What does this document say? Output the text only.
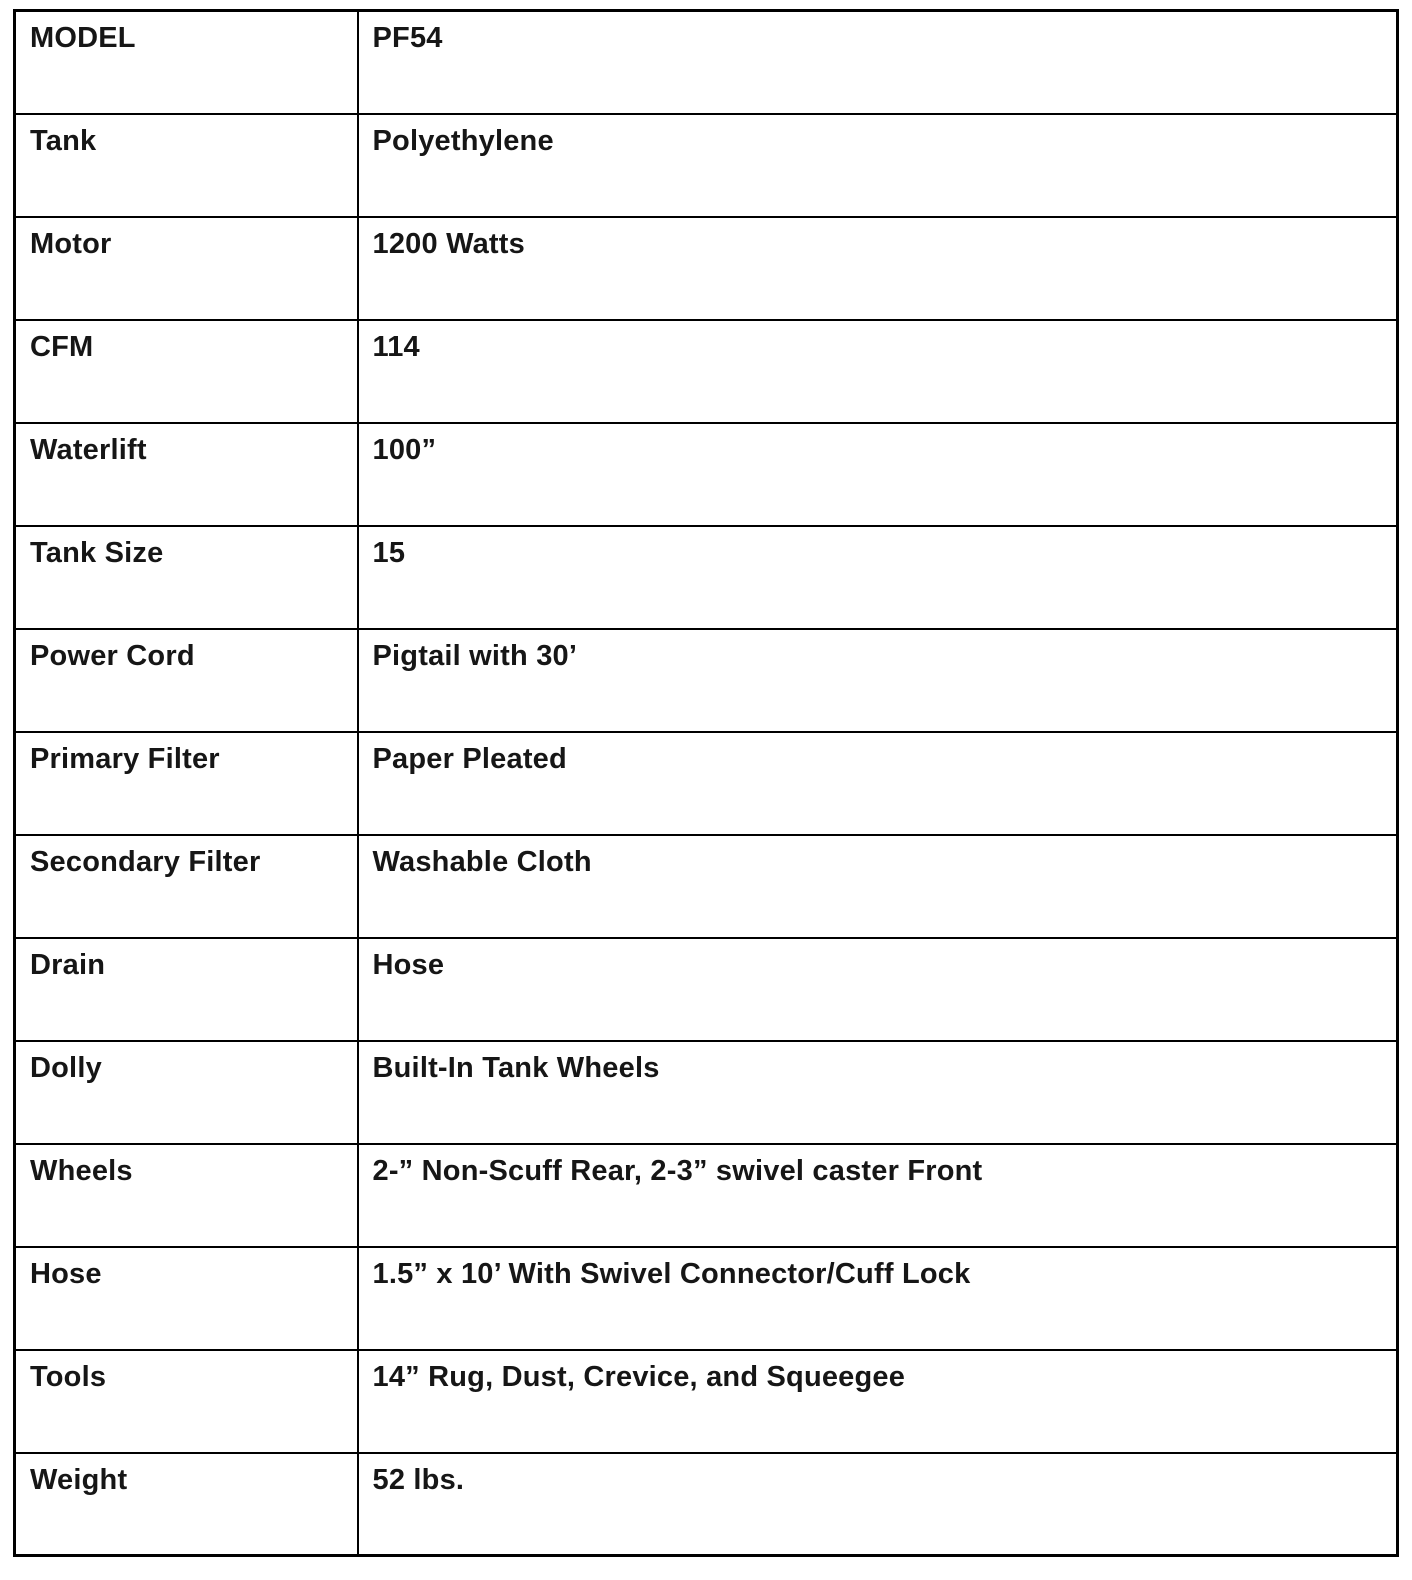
MODEL	PF54
Tank	Polyethylene
Motor	1200 Watts
CFM	114
Waterlift	100”
Tank Size	15
Power Cord	Pigtail with 30’
Primary Filter	Paper Pleated
Secondary Filter	Washable Cloth
Drain	Hose
Dolly	Built-In Tank Wheels
Wheels	2-” Non-Scuff Rear, 2-3” swivel caster Front
Hose	1.5” x 10’ With Swivel Connector/Cuff Lock
Tools	14” Rug, Dust, Crevice, and Squeegee
Weight	52 lbs.
